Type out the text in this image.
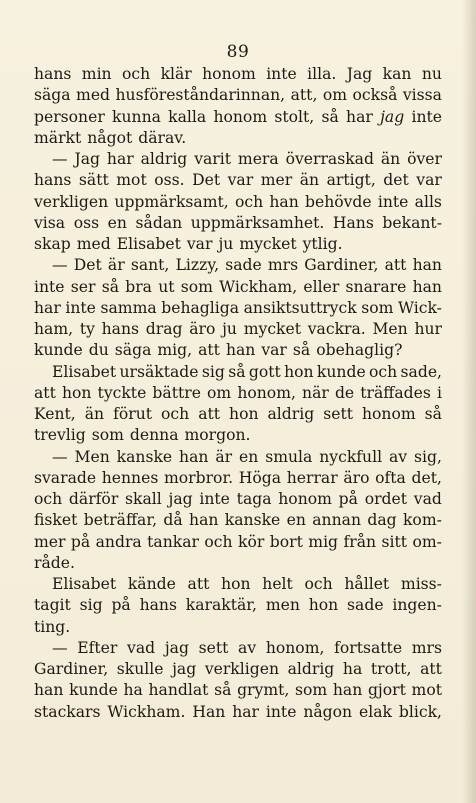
89
hans min och klär honom inte illa. Jag kan nu
säga med husföreståndarinnan, att, om också vissa
personer kunna kalla honom stolt, så har jag inte
märkt något därav.
— Jag har aldrig varit mera överraskad än över
hans sätt mot oss. Det var mer än artigt, det var
verkligen uppmärksamt, och han behövde inte alls
visa oss en sådan uppmärksamhet. Hans bekant-
skap med Elisabet var ju mycket ytlig.
— Det är sant, Lizzy, sade mrs Gardiner, att han
inte ser så bra ut som Wickham, eller snarare han
har inte samma behagliga ansiktsuttryck som Wick-
ham, ty hans drag äro ju mycket vackra. Men hur
kunde du säga mig, att han var så obehaglig?
Elisabet ursäktade sig så gott hon kunde och sade,
att hon tyckte bättre om honom, när de träffades i
Kent, än förut och att hon aldrig sett honom så
trevlig som denna morgon.
— Men kanske han är en smula nyckfull av sig,
svarade hennes morbror. Höga herrar äro ofta det,
och därför skall jag inte taga honom på ordet vad
fisket beträffar, då han kanske en annan dag kom-
mer på andra tankar och kör bort mig från sitt om-
råde.
Elisabet kände att hon helt och hållet miss-
tagit sig på hans karaktär, men hon sade ingen-
ting.
— Efter vad jag sett av honom, fortsatte mrs
Gardiner, skulle jag verkligen aldrig ha trott, att
han kunde ha handlat så grymt, som han gjort mot
stackars Wickham. Han har inte någon elak blick,
